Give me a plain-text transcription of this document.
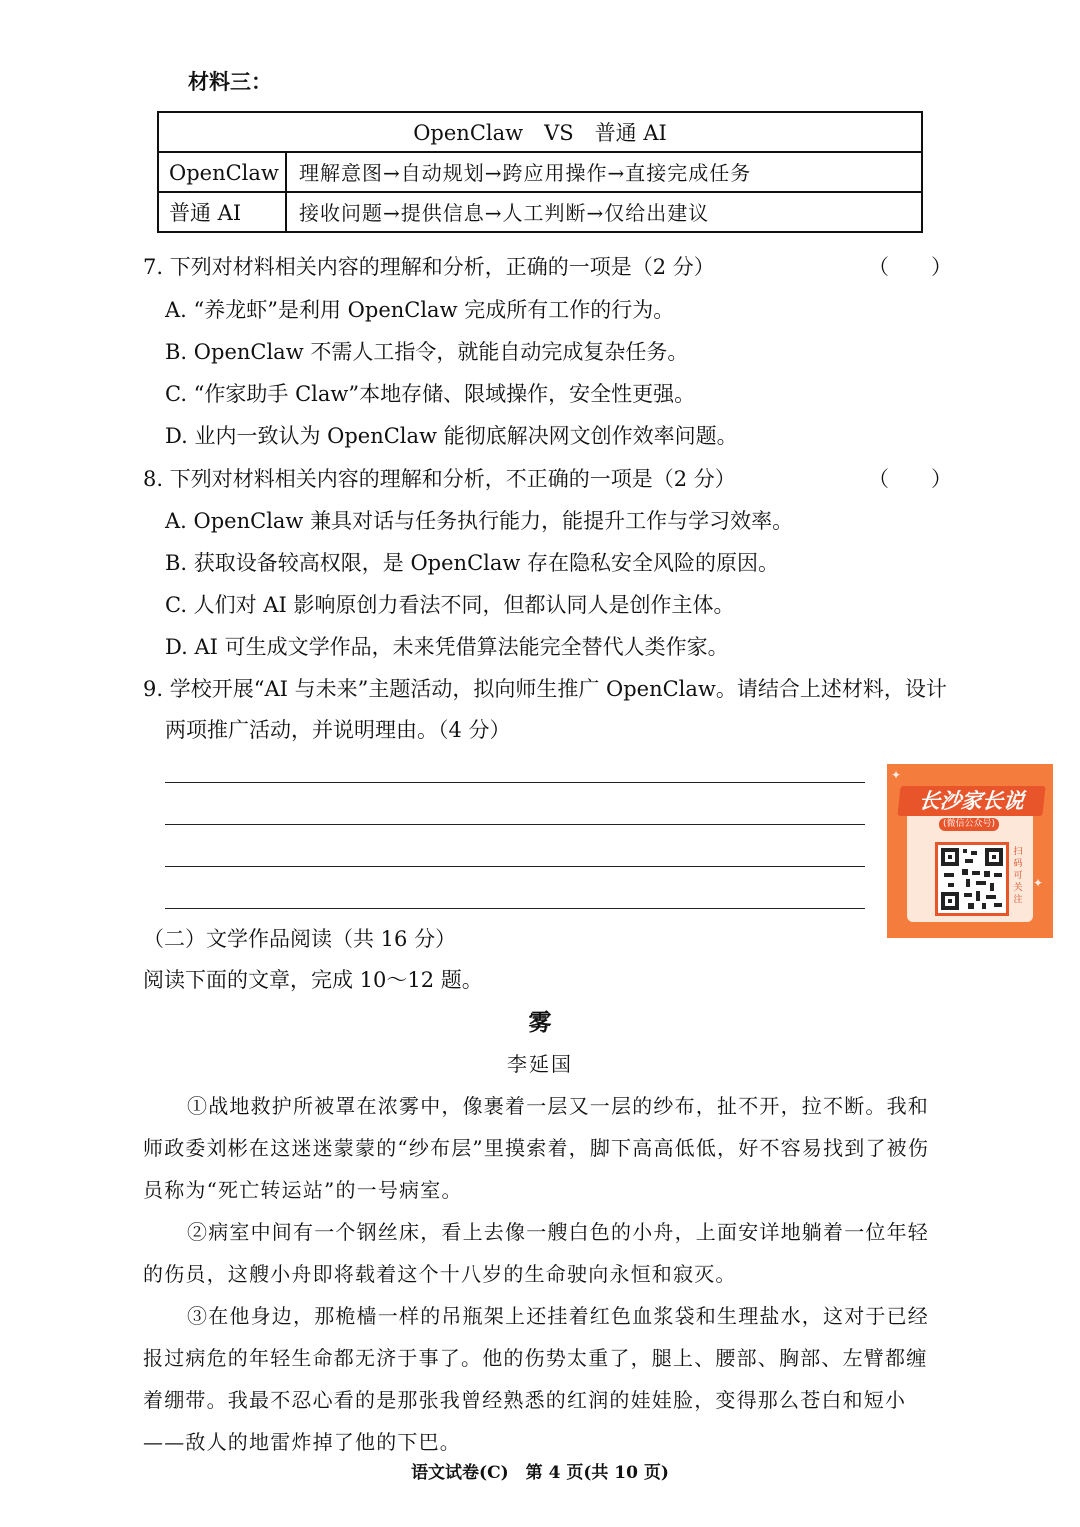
材料三：
OpenClaw　VS　普通 AI
OpenClaw	理解意图→自动规划→跨应用操作→直接完成任务
普通 AI	接收问题→提供信息→人工判断→仅给出建议
7. 下列对材料相关内容的理解和分析，正确的一项是（2 分）	（　　）
A. “养龙虾”是利用 OpenClaw 完成所有工作的行为。
B. OpenClaw 不需人工指令，就能自动完成复杂任务。
C. “作家助手 Claw”本地存储、限域操作，安全性更强。
D. 业内一致认为 OpenClaw 能彻底解决网文创作效率问题。
8. 下列对材料相关内容的理解和分析，不正确的一项是（2 分）	（　　）
A. OpenClaw 兼具对话与任务执行能力，能提升工作与学习效率。
B. 获取设备较高权限，是 OpenClaw 存在隐私安全风险的原因。
C. 人们对 AI 影响原创力看法不同，但都认同人是创作主体。
D. AI 可生成文学作品，未来凭借算法能完全替代人类作家。
9. 学校开展“AI 与未来”主题活动，拟向师生推广 OpenClaw。请结合上述材料，设计
两项推广活动，并说明理由。（4 分）
长沙家长说
(微信公众号)
扫码可关注
✦
✦
（二）文学作品阅读（共 16 分）
阅读下面的文章，完成 10～12 题。
雾
李延国
①战地救护所被罩在浓雾中，像裹着一层又一层的纱布，扯不开，拉不断。我和师政委刘彬在这迷迷蒙蒙的“纱布层”里摸索着，脚下高高低低，好不容易找到了被伤员称为“死亡转运站”的一号病室。
②病室中间有一个钢丝床，看上去像一艘白色的小舟，上面安详地躺着一位年轻的伤员，这艘小舟即将载着这个十八岁的生命驶向永恒和寂灭。
③在他身边，那桅樯一样的吊瓶架上还挂着红色血浆袋和生理盐水，这对于已经报过病危的年轻生命都无济于事了。他的伤势太重了，腿上、腰部、胸部、左臂都缠着绷带。我最不忍心看的是那张我曾经熟悉的红润的娃娃脸，变得那么苍白和短小——敌人的地雷炸掉了他的下巴。
语文试卷(C)　第 4 页(共 10 页)
